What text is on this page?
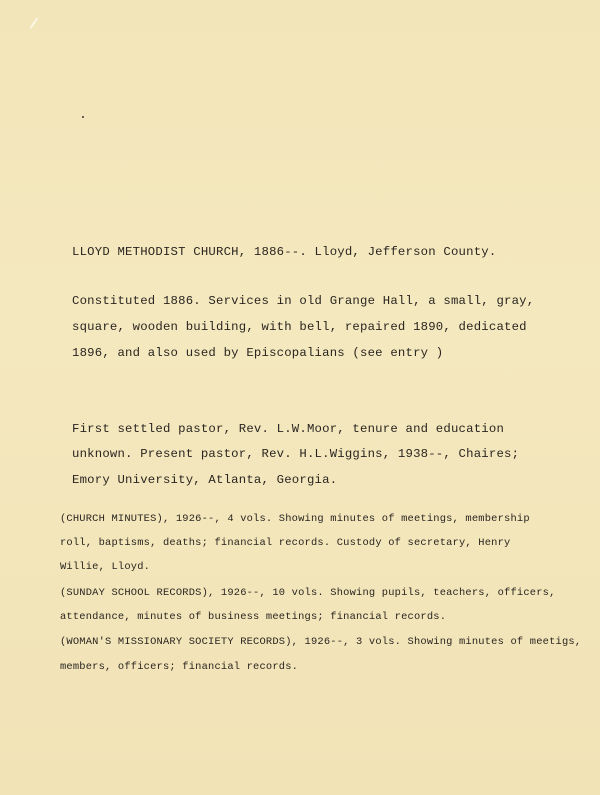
LLOYD METHODIST CHURCH, 1886--. Lloyd, Jefferson County.
Constituted 1886. Services in old Grange Hall, a small, gray,
square, wooden building, with bell, repaired 1890, dedicated
1896, and also used by Episcopalians (see entry )
First settled pastor, Rev. L.W.Moor, tenure and education
unknown. Present pastor, Rev. H.L.Wiggins, 1938--, Chaires;
Emory University, Atlanta, Georgia.
(CHURCH MINUTES), 1926--, 4 vols. Showing minutes of meetings, membership
roll, baptisms, deaths; financial records. Custody of secretary, Henry
Willie, Lloyd.
(SUNDAY SCHOOL RECORDS), 1926--, 10 vols. Showing pupils, teachers, officers,
attendance, minutes of business meetings; financial records.
(WOMAN'S MISSIONARY SOCIETY RECORDS), 1926--, 3 vols. Showing minutes of meetigs,
members, officers; financial records.
